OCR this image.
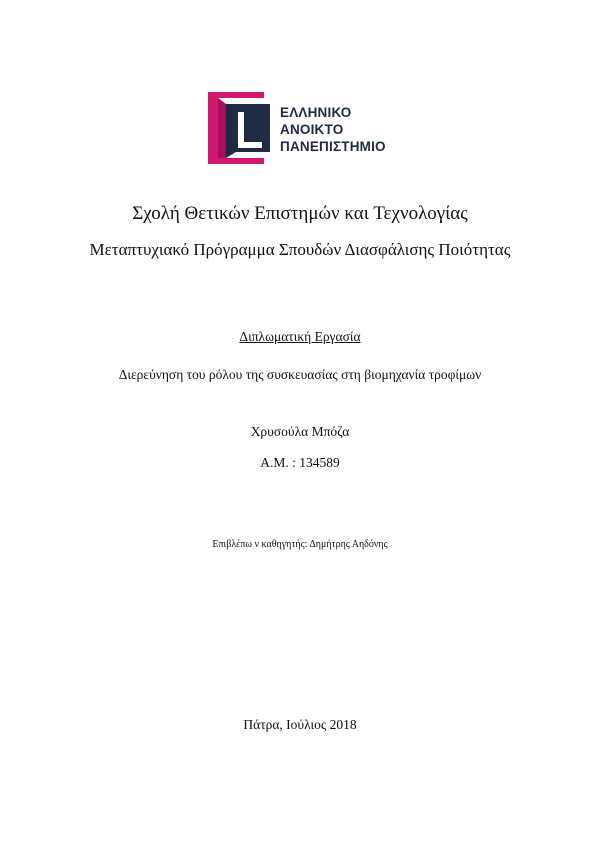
ΕΛΛΗΝΙΚΟ
ΑΝΟΙΚΤΟ
ΠΑΝΕΠΙΣΤΗΜΙΟ
Σχολή Θετικών Επιστημών και Τεχνολογίας
Μεταπτυχιακό Πρόγραμμα Σπουδών Διασφάλισης Ποιότητας
Διπλωματική Εργασία
Διερεύνηση του ρόλου της συσκευασίας στη βιομηχανία τροφίμων
Χρυσούλα Μπόζα
Α.Μ. : 134589
Επιβλέπω ν καθηγητής: Δημήτρης Αηδόνης
Πάτρα, Ιούλιος 2018
